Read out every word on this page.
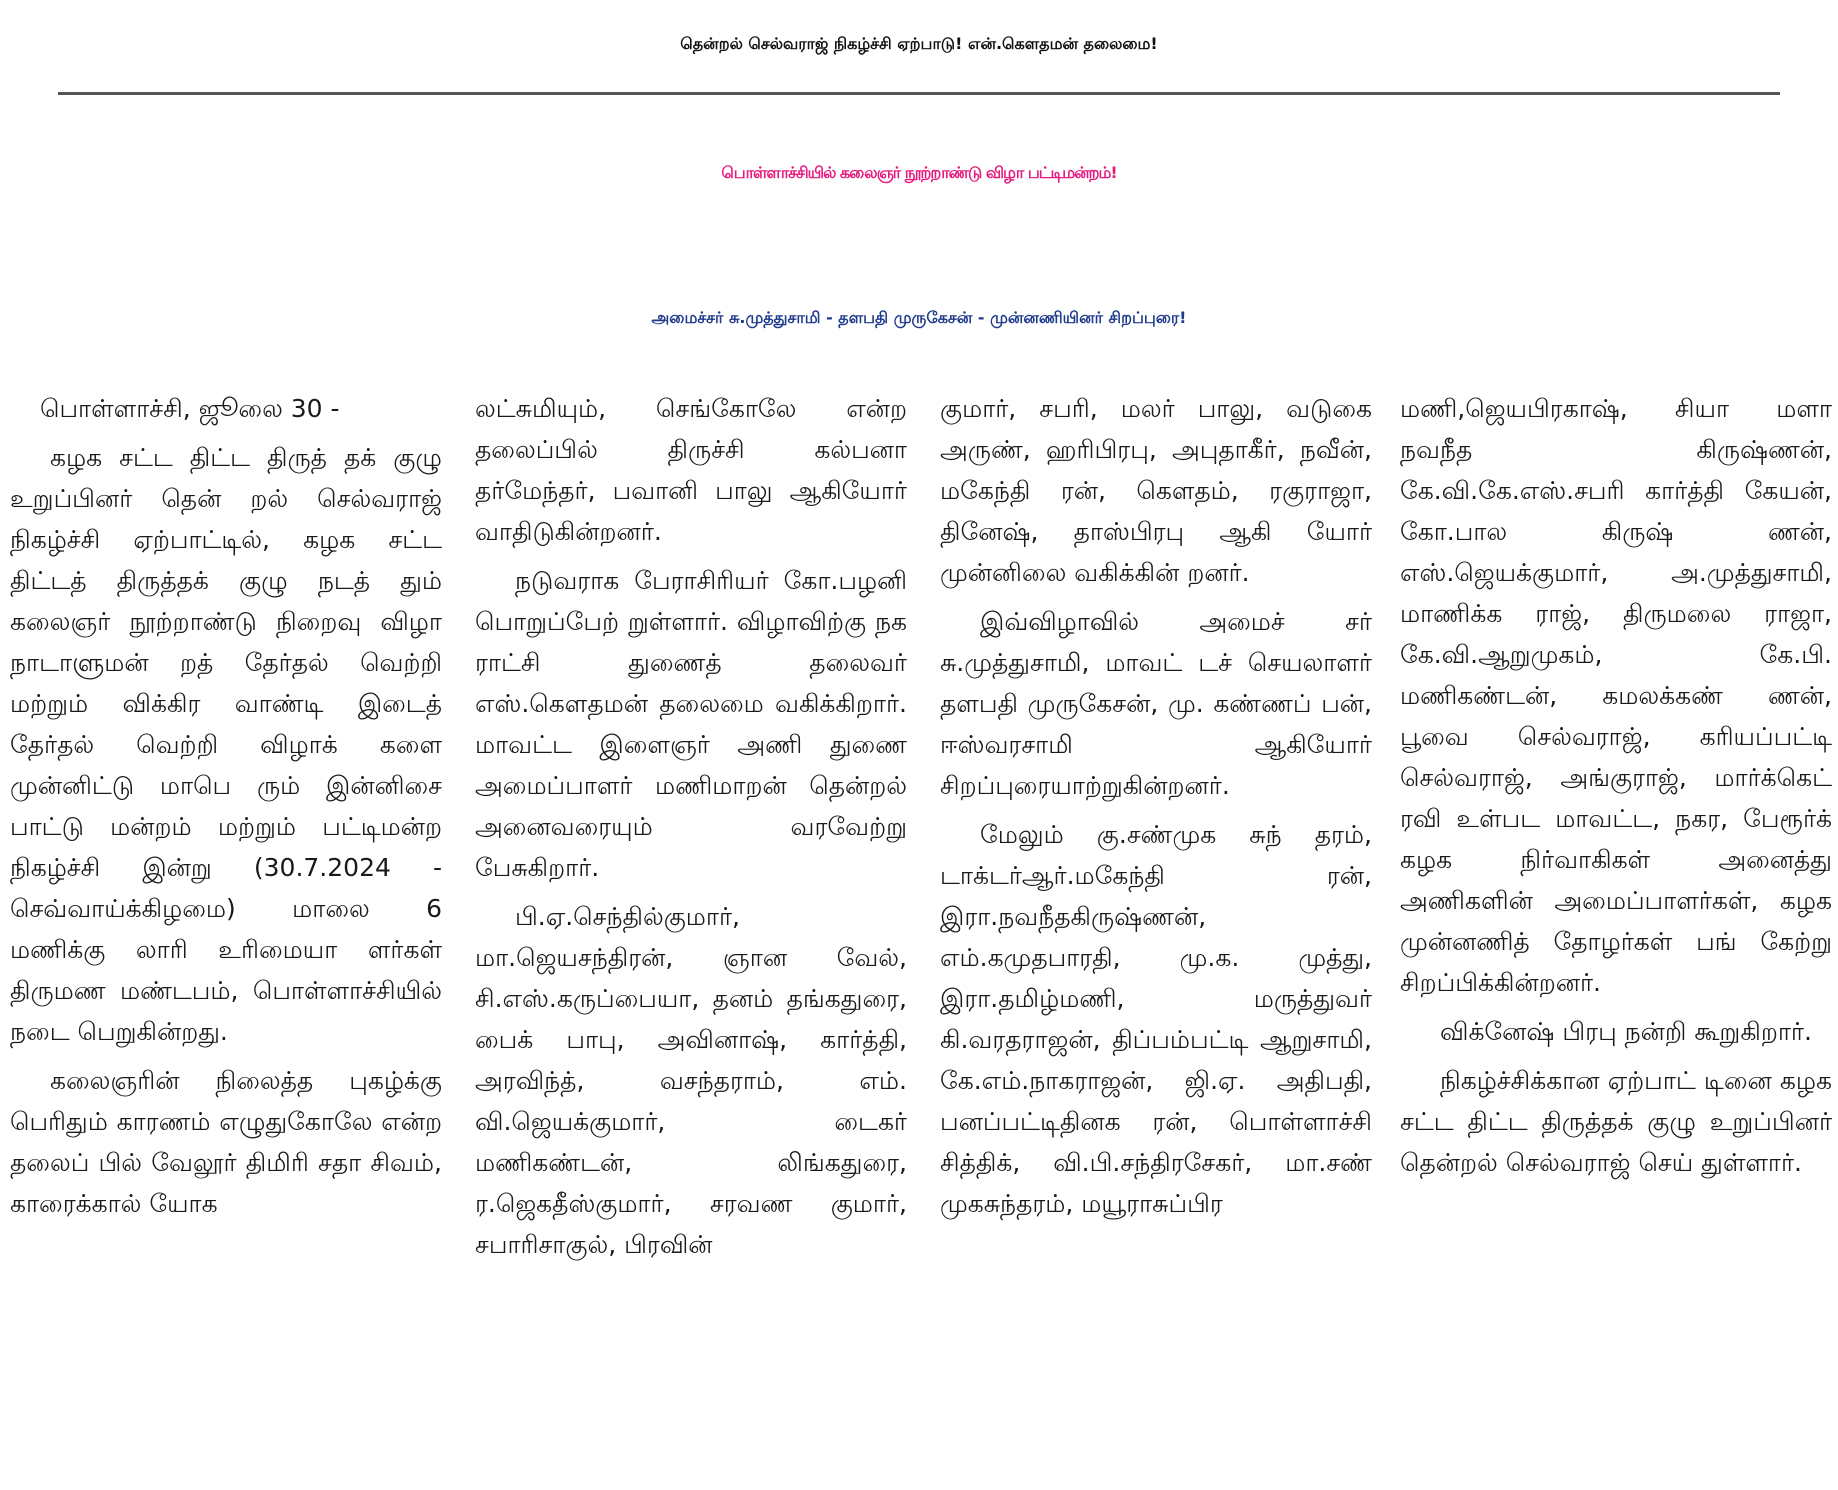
தென்றல் செல்வராஜ் நிகழ்ச்சி ஏற்பாடு! என்.கௌதமன் தலைமை!
பொள்ளாச்சியில் கலைஞர் நூற்றாண்டு விழா பட்டிமன்றம்!
அமைச்சர் சு.முத்துசாமி - தளபதி முருகேசன் - முன்னணியினர் சிறப்புரை!

பொள்ளாச்சி, ஜூலை 30 -

கழக சட்ட திட்ட திருத் தக் குழு உறுப்பினர் தென் றல் செல்வராஜ் நிகழ்ச்சி ஏற்பாட்டில், கழக சட்ட திட்டத் திருத்தக் குழு நடத் தும் கலைஞர் நூற்றாண்டு நிறைவு விழா நாடாளுமன் றத் தேர்தல் வெற்றி மற்றும் விக்கிர வாண்டி இடைத் தேர்தல் வெற்றி விழாக் களை முன்னிட்டு மாபெ ரும் இன்னிசை பாட்டு மன்றம் மற்றும் பட்டிமன்ற நிகழ்ச்சி இன்று (30.7.2024 - செவ்வாய்க்கிழமை) மாலை 6 மணிக்கு லாரி உரிமையா ளர்கள் திருமண மண்டபம், பொள்ளாச்சியில் நடை பெறுகின்றது.

கலைஞரின் நிலைத்த புகழ்க்கு பெரிதும் காரணம் எழுதுகோலே என்ற தலைப் பில் வேலூர் திமிரி சதா சிவம், காரைக்கால் யோக

லட்சுமியும், செங்கோலே என்ற தலைப்பில் திருச்சி கல்பனா தர்மேந்தர், பவானி பாலு ஆகியோர் வாதிடுகின்றனர்.

நடுவராக பேராசிரியர் கோ.பழனி பொறுப்பேற் றுள்ளார். விழாவிற்கு நக ராட்சி துணைத் தலைவர் எஸ்.கௌதமன் தலைமை வகிக்கிறார். மாவட்ட இளைஞர் அணி துணை அமைப்பாளர் மணிமாறன் தென்றல் அனைவரையும் வரவேற்று பேசுகிறார்.

பி.ஏ.செந்தில்குமார், மா.ஜெயசந்திரன், ஞான வேல், சி.எஸ்.கருப்பையா, தனம் தங்கதுரை, பைக் பாபு, அவினாஷ், கார்த்தி, அரவிந்த், வசந்தராம், எம். வி.ஜெயக்குமார், டைகர் மணிகண்டன், லிங்கதுரை, ர.ஜெகதீஸ்குமார், சரவண குமார், சபாரிசாகுல், பிரவின்

குமார், சபரி, மலர் பாலு, வடுகை அருண், ஹரிபிரபு, அபுதாகீர், நவீன், மகேந்தி ரன், கௌதம், ரகுராஜா, தினேஷ், தாஸ்பிரபு ஆகி யோர் முன்னிலை வகிக்கின் றனர்.

இவ்விழாவில் அமைச் சர் சு.முத்துசாமி, மாவட் டச் செயலாளர் தளபதி முருகேசன், மு. கண்ணப் பன், ஈஸ்வரசாமி ஆகியோர் சிறப்புரையாற்றுகின்றனர்.

மேலும் கு.சண்முக சுந் தரம், டாக்டர்ஆர்.மகேந்தி ரன், இரா.நவநீதகிருஷ்ணன், எம்.கமுதபாரதி, மு.க. முத்து, இரா.தமிழ்மணி, மருத்துவர் கி.வரதராஜன், திப்பம்பட்டி ஆறுசாமி, கே.எம்.நாகராஜன், ஜி.ஏ. அதிபதி, பனப்பட்டிதினக ரன், பொள்ளாச்சி சித்திக், வி.பி.சந்திரசேகர், மா.சண் முகசுந்தரம், மயூராசுப்பிர

மணி,ஜெயபிரகாஷ், சியா மளா நவநீத கிருஷ்ணன், கே.வி.கே.எஸ்.சபரி கார்த்தி கேயன், கோ.பால கிருஷ் ணன், எஸ்.ஜெயக்குமார், அ.முத்துசாமி, மாணிக்க ராஜ், திருமலை ராஜா, கே.வி.ஆறுமுகம், கே.பி. மணிகண்டன், கமலக்கண் ணன், பூவை செல்வராஜ், கரியப்பட்டி செல்வராஜ், அங்குராஜ், மார்க்கெட் ரவி உள்பட மாவட்ட, நகர, பேரூர்க் கழக நிர்வாகிகள் அனைத்து அணிகளின் அமைப்பாளர்கள், கழக முன்னணித் தோழர்கள் பங் கேற்று சிறப்பிக்கின்றனர்.

விக்னேஷ் பிரபு நன்றி கூறுகிறார்.

நிகழ்ச்சிக்கான ஏற்பாட் டினை கழக சட்ட திட்ட திருத்தக் குழு உறுப்பினர் தென்றல் செல்வராஜ் செய் துள்ளார்.
